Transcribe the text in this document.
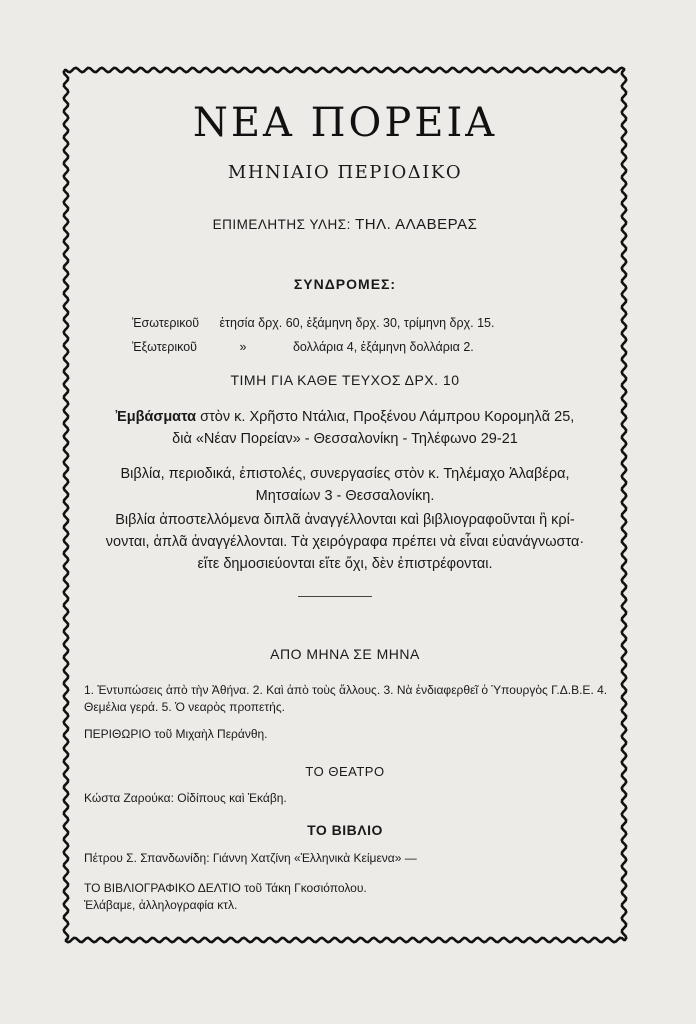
ΝΕΑ ΠΟΡΕΙΑ
ΜΗΝΙΑΙΟ ΠΕΡΙΟΔΙΚΟ
ΕΠΙΜΕΛΗΤΗΣ ΥΛΗΣ: ΤΗΛ. ΑΛΑΒΕΡΑΣ
ΣΥΝΔΡΟΜΕΣ:
Ἐσωτερικοῦ ἐτησία δρχ. 60, ἑξάμηνη δρχ. 30, τρίμηνη δρχ. 15.
Ἐξωτερικοῦ	»	δολλάρια 4, ἑξάμηνη δολλάρια 2.
ΤΙΜΗ ΓΙΑ ΚΑΘΕ ΤΕΥΧΟΣ ΔΡΧ. 10
Ἐμβάσματα στὸν κ. Χρῆστο Ντάλια, Προξένου Λάμπρου Κορομηλᾶ 25,
διὰ «Νέαν Πορείαν» - Θεσσαλονίκη - Τηλέφωνο 29-21
Βιβλία, περιοδικά, ἐπιστολές, συνεργασίες στὸν κ. Τηλέμαχο Ἀλαβέρα,
Μητσαίων 3 - Θεσσαλονίκη.
Βιβλία ἀποστελλόμενα διπλᾶ ἀναγγέλλονται καὶ βιβλιογραφοῦνται ἢ κρί-
νονται, ἁπλᾶ ἀναγγέλλονται. Τὰ χειρόγραφα πρέπει νὰ εἶναι εὐανάγνωστα·
εἴτε δημοσιεύονται εἴτε ὄχι, δὲν ἐπιστρέφονται.
ΑΠΟ ΜΗΝΑ ΣΕ ΜΗΝΑ
1. Ἐντυπώσεις ἀπὸ τὴν Ἀθήνα. 2. Καὶ ἀπὸ τοὺς ἄλλους. 3. Νὰ ἐνδιαφερθεῖ ὁ Ὑπουργὸς Γ.Δ.Β.Ε. 4. Θεμέλια γερά. 5. Ὁ νεαρὸς προπετής.
ΠΕΡΙΘΩΡΙΟ τοῦ Μιχαὴλ Περάνθη.
ΤΟ ΘΕΑΤΡΟ
Κώστα Ζαρούκα: Οἰδίπους καὶ Ἑκάβη.
ΤΟ ΒΙΒΛΙΟ
Πέτρου Σ. Σπανδωνίδη: Γιάννη Χατζίνη «Ἑλληνικὰ Κείμενα» —
ΤΟ ΒΙΒΛΙΟΓΡΑΦΙΚΟ ΔΕΛΤΙΟ τοῦ Τάκη Γκοσιόπολου.
Ἐλάβαμε, ἀλληλογραφία κτλ.
